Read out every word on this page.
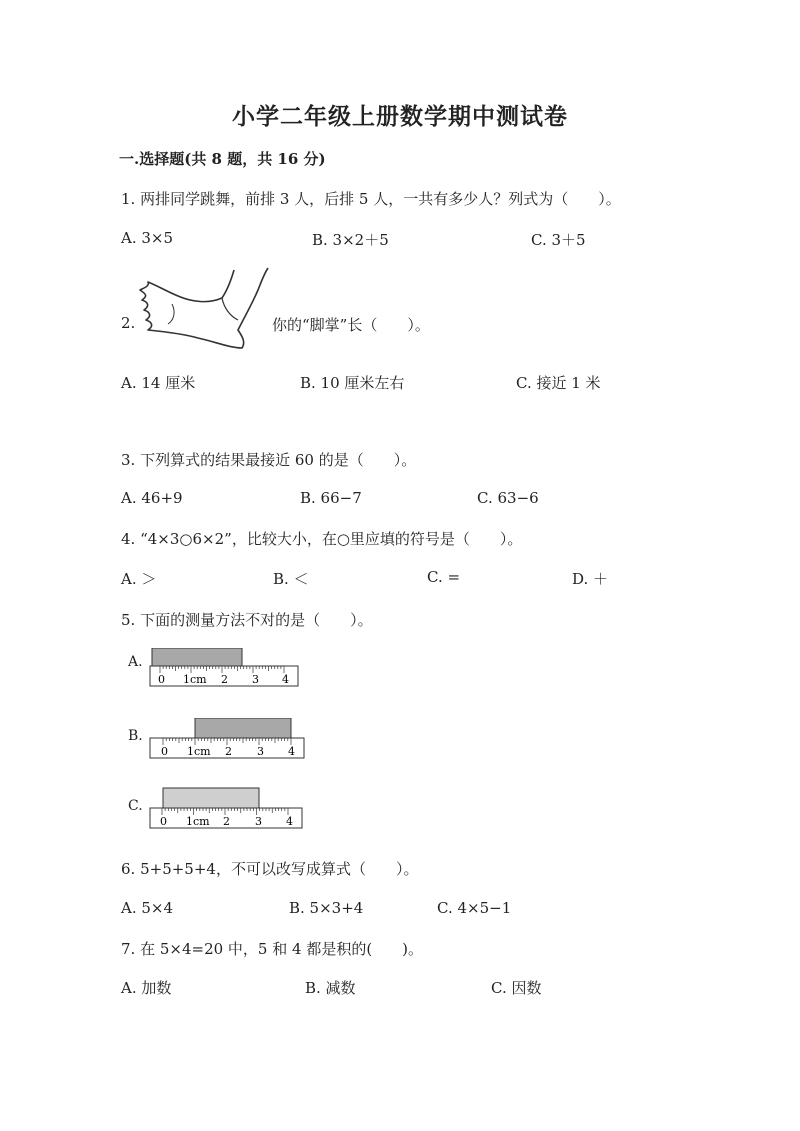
小学二年级上册数学期中测试卷
一.选择题(共 8 题，共 16 分)
1. 两排同学跳舞，前排 3 人，后排 5 人，一共有多少人？列式为（　　）。
A. 3×5	B. 3×2＋5	C. 3＋5
2.	你的“脚掌”长（　　）。
A. 14 厘米	B. 10 厘米左右	C. 接近 1 米
3. 下列算式的结果最接近 60 的是（　　）。
A. 46+9	B. 66−7	C. 63−6
4. “4×3○6×2”，比较大小，在○里应填的符号是（　　）。
A. ＞	B. ＜	C. =	D. ＋
5. 下面的测量方法不对的是（　　）。
A.
0 1cm 2 3 4
B.
0 1cm 2 3 4
C.
0 1cm 2 3 4
6. 5+5+5+4，不可以改写成算式（　　）。
A. 5×4	B. 5×3+4	C. 4×5−1
7. 在 5×4=20 中，5 和 4 都是积的(　　)。
A. 加数	B. 减数	C. 因数
